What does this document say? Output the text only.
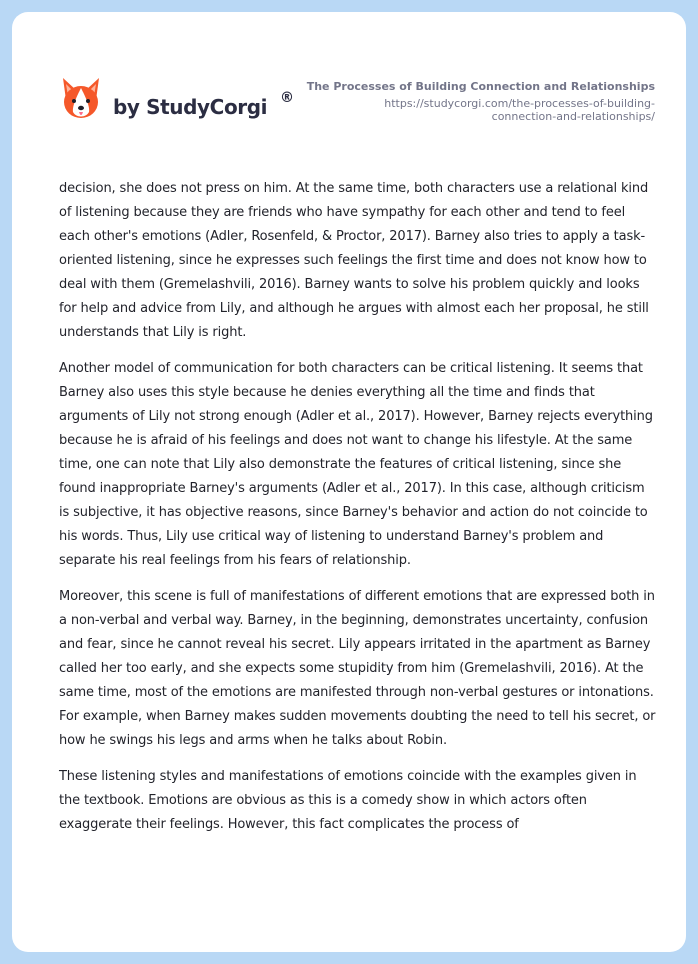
by StudyCorgi ®
The Processes of Building Connection and Relationships
https://studycorgi.com/the-processes-of-building-connection-and-relationships/

decision, she does not press on him. At the same time, both characters use a relational kind of listening because they are friends who have sympathy for each other and tend to feel each other's emotions (Adler, Rosenfeld, & Proctor, 2017). Barney also tries to apply a task-oriented listening, since he expresses such feelings the first time and does not know how to deal with them (Gremelashvili, 2016). Barney wants to solve his problem quickly and looks for help and advice from Lily, and although he argues with almost each her proposal, he still understands that Lily is right.

Another model of communication for both characters can be critical listening. It seems that Barney also uses this style because he denies everything all the time and finds that arguments of Lily not strong enough (Adler et al., 2017). However, Barney rejects everything because he is afraid of his feelings and does not want to change his lifestyle. At the same time, one can note that Lily also demonstrate the features of critical listening, since she found inappropriate Barney's arguments (Adler et al., 2017). In this case, although criticism is subjective, it has objective reasons, since Barney's behavior and action do not coincide to his words. Thus, Lily use critical way of listening to understand Barney's problem and separate his real feelings from his fears of relationship.

Moreover, this scene is full of manifestations of different emotions that are expressed both in a non-verbal and verbal way. Barney, in the beginning, demonstrates uncertainty, confusion and fear, since he cannot reveal his secret. Lily appears irritated in the apartment as Barney called her too early, and she expects some stupidity from him (Gremelashvili, 2016). At the same time, most of the emotions are manifested through non-verbal gestures or intonations. For example, when Barney makes sudden movements doubting the need to tell his secret, or how he swings his legs and arms when he talks about Robin.

These listening styles and manifestations of emotions coincide with the examples given in the textbook. Emotions are obvious as this is a comedy show in which actors often exaggerate their feelings. However, this fact complicates the process of
